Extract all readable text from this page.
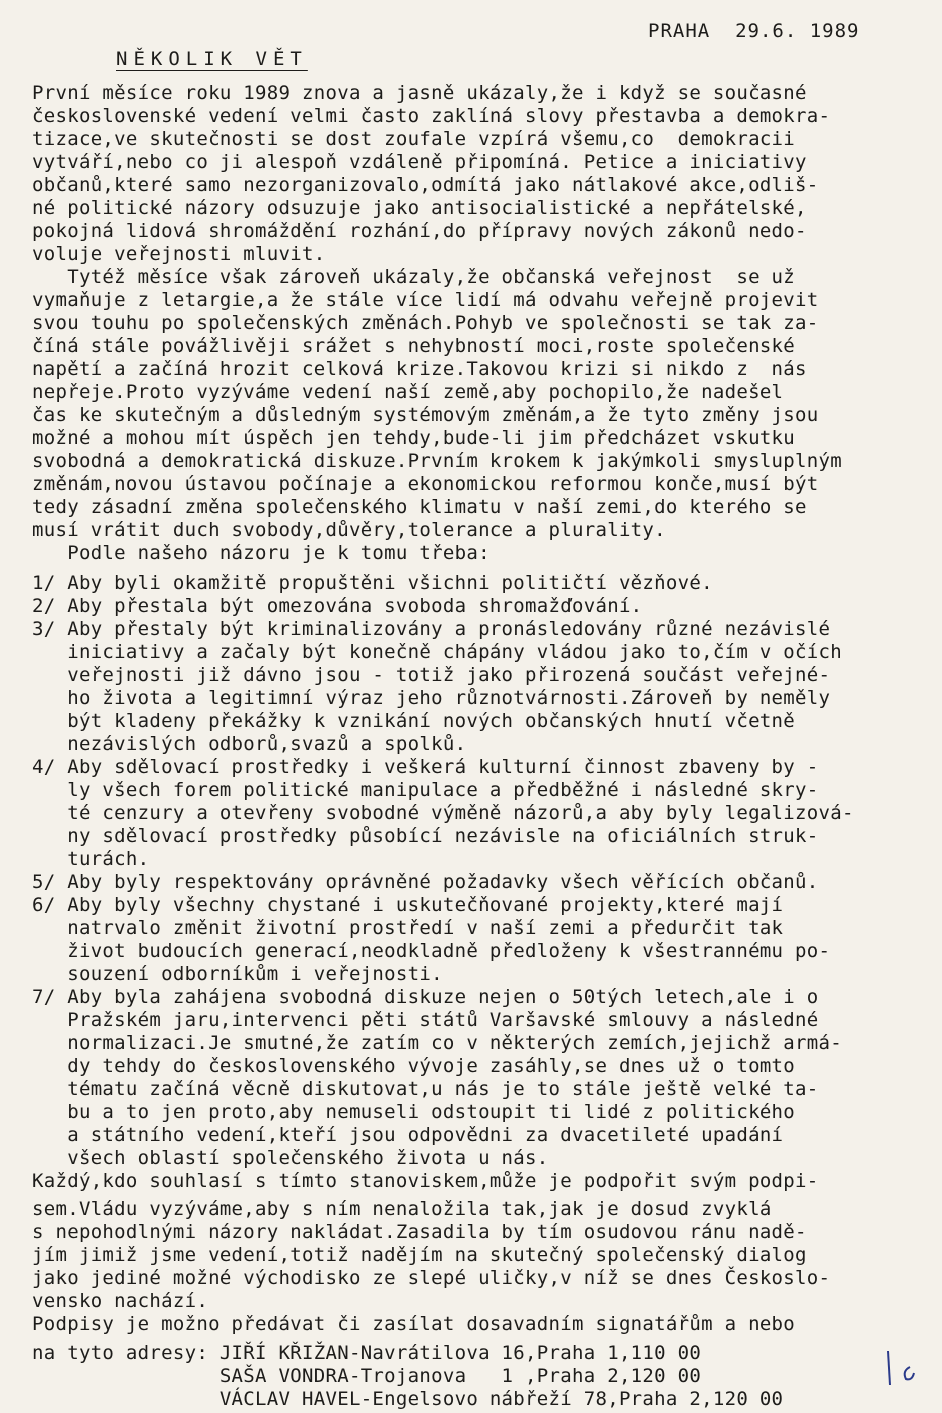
PRAHA  29.6. 1989
NĚKOLIK VĚT
První měsíce roku 1989 znova a jasně ukázaly,že i když se současné
československé vedení velmi často zaklíná slovy přestavba a demokra-
tizace,ve skutečnosti se dost zoufale vzpírá všemu,co  demokracii
vytváří,nebo co ji alespoň vzdáleně připomíná. Petice a iniciativy
občanů,které samo nezorganizovalo,odmítá jako nátlakové akce,odliš-
né politické názory odsuzuje jako antisocialistické a nepřátelské,
pokojná lidová shromáždění rozhání,do přípravy nových zákonů nedo-
voluje veřejnosti mluvit.
Tytéž měsíce však zároveň ukázaly,že občanská veřejnost  se už
vymaňuje z letargie,a že stále více lidí má odvahu veřejně projevit
svou touhu po společenských změnách.Pohyb ve společnosti se tak za-
číná stále povážlivěji srážet s nehybností moci,roste společenské
napětí a začíná hrozit celková krize.Takovou krizi si nikdo z  nás
nepřeje.Proto vyzýváme vedení naší země,aby pochopilo,že nadešel
čas ke skutečným a důsledným systémovým změnám,a že tyto změny jsou
možné a mohou mít úspěch jen tehdy,bude-li jim předcházet vskutku
svobodná a demokratická diskuze.Prvním krokem k jakýmkoli smysluplným
změnám,novou ústavou počínaje a ekonomickou reformou konče,musí být
tedy zásadní změna společenského klimatu v naší zemi,do kterého se
musí vrátit duch svobody,důvěry,tolerance a plurality.
Podle našeho názoru je k tomu třeba:
1/ Aby byli okamžitě propuštěni všichni političtí vězňové.
2/ Aby přestala být omezována svoboda shromažďování.
3/ Aby přestaly být kriminalizovány a pronásledovány různé nezávislé
iniciativy a začaly být konečně chápány vládou jako to,čím v očích
veřejnosti již dávno jsou - totiž jako přirozená součást veřejné-
ho života a legitimní výraz jeho různotvárnosti.Zároveň by neměly
být kladeny překážky k vznikání nových občanských hnutí včetně
nezávislých odborů,svazů a spolků.
4/ Aby sdělovací prostředky i veškerá kulturní činnost zbaveny by -
ly všech forem politické manipulace a předběžné i následné skry-
té cenzury a otevřeny svobodné výměně názorů,a aby byly legalizová-
ny sdělovací prostředky působící nezávisle na oficiálních struk-
turách.
5/ Aby byly respektovány oprávněné požadavky všech věřících občanů.
6/ Aby byly všechny chystané i uskutečňované projekty,které mají
natrvalo změnit životní prostředí v naší zemi a předurčit tak
život budoucích generací,neodkladně předloženy k všestrannému po-
souzení odborníkům i veřejnosti.
7/ Aby byla zahájena svobodná diskuze nejen o 50tých letech,ale i o
Pražském jaru,intervenci pěti států Varšavské smlouvy a následné
normalizaci.Je smutné,že zatím co v některých zemích,jejichž armá-
dy tehdy do československého vývoje zasáhly,se dnes už o tomto
tématu začíná věcně diskutovat,u nás je to stále ještě velké ta-
bu a to jen proto,aby nemuseli odstoupit ti lidé z politického
a státního vedení,kteří jsou odpovědni za dvacetileté upadání
všech oblastí společenského života u nás.
Každý,kdo souhlasí s tímto stanoviskem,může je podpořit svým podpi-
sem.Vládu vyzýváme,aby s ním nenaložila tak,jak je dosud zvyklá
s nepohodlnými názory nakládat.Zasadila by tím osudovou ránu nadě-
jím jimiž jsme vedení,totiž nadějím na skutečný společenský dialog
jako jediné možné východisko ze slepé uličky,v níž se dnes Českoslo-
vensko nachází.
Podpisy je možno předávat či zasílat dosavadním signatářům a nebo
na tyto adresy: JIŘÍ KŘIŽAN-Navrátilova 16,Praha 1,110 00
SAŠA VONDRA-Trojanova   1 ,Praha 2,120 00
VÁCLAV HAVEL-Engelsovo nábřeží 78,Praha 2,120 00
